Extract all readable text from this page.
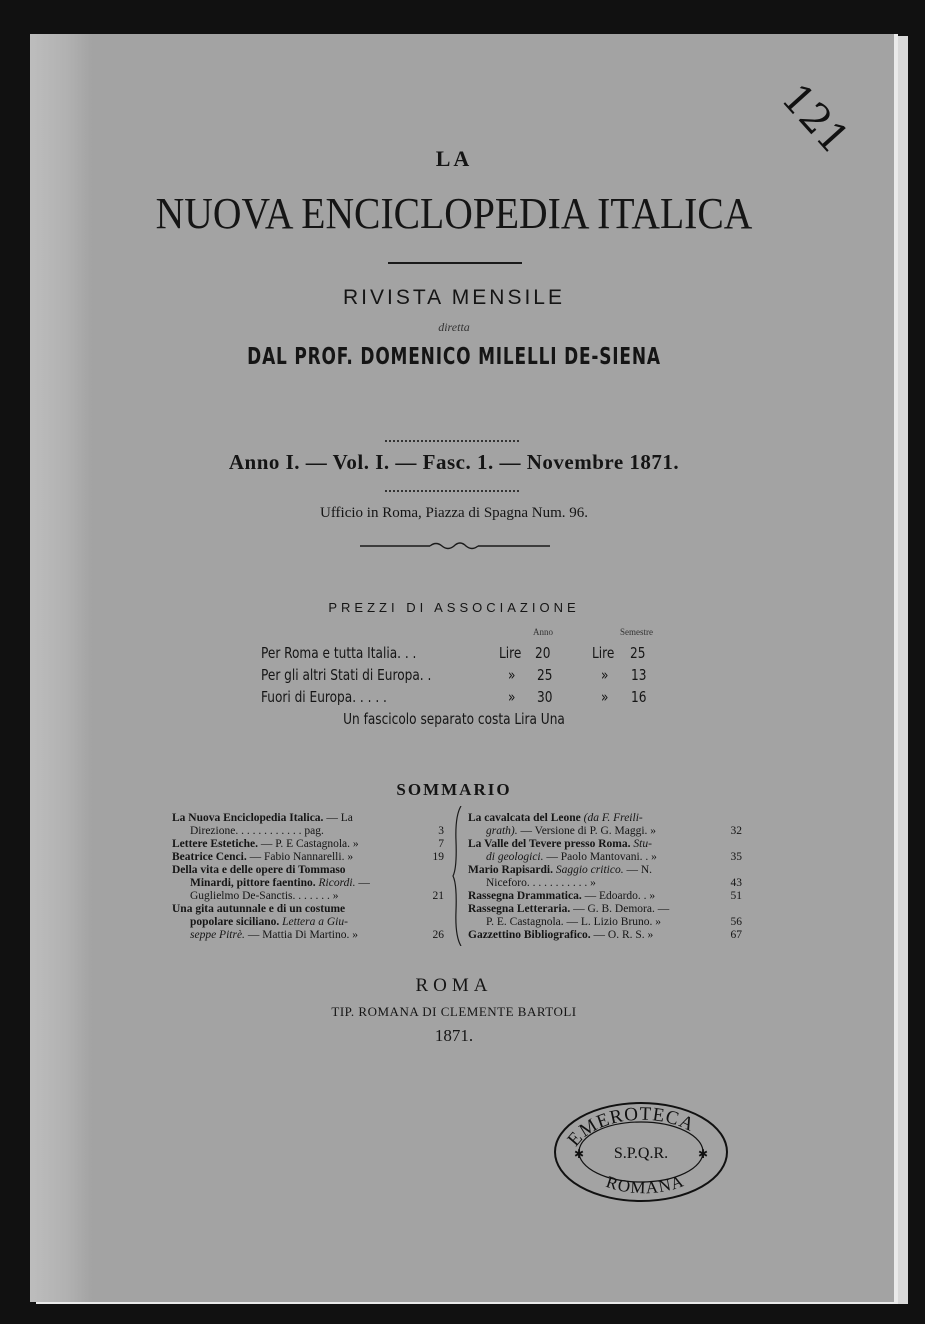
121
LA
NUOVA ENCICLOPEDIA ITALICA
RIVISTA MENSILE
diretta
DAL PROF. DOMENICO MILELLI DE-SIENA
Anno I. — Vol. I. — Fasc. 1. — Novembre 1871.
Ufficio in Roma, Piazza di Spagna Num. 96.
PREZZI DI ASSOCIAZIONE
Anno	Semestre
Per Roma e tutta Italia. . .	Lire 20	Lire 25
Per gli altri Stati di Europa. .	» 25	» 13
Fuori di Europa. . . . .	» 30	» 16
Un fascicolo separato costa Lira Una
SOMMARIO
La Nuova Enciclopedia Italica. — La
Direzione. . . . . . . . . . . . pag.	3
Lettere Estetiche. — P. E Castagnola. »	7
Beatrice Cenci. — Fabio Nannarelli. »	19
Della vita e delle opere di Tommaso
Minardi, pittore faentino. Ricordi. —
Guglielmo De-Sanctis. . . . . . . »	21
Una gita autunnale e di un costume
popolare siciliano. Lettera a Giu-
seppe Pitrè. — Mattia Di Martino. »	26
La cavalcata del Leone (da F. Freili-
grath). — Versione di P. G. Maggi. »	32
La Valle del Tevere presso Roma. Stu-
di geologici. — Paolo Mantovani. . »	35
Mario Rapisardi. Saggio critico. — N.
Niceforo. . . . . . . . . . . »	43
Rassegna Drammatica. — Edoardo. . »	51
Rassegna Letteraria. — G. B. Demora. —
P. E. Castagnola. — L. Lizio Bruno. »	56
Gazzettino Bibliografico. — O. R. S. »	67
ROMA
TIP. ROMANA DI CLEMENTE BARTOLI
1871.
EMEROTECA
S.P.Q.R.
ROMANA
✱	✱
